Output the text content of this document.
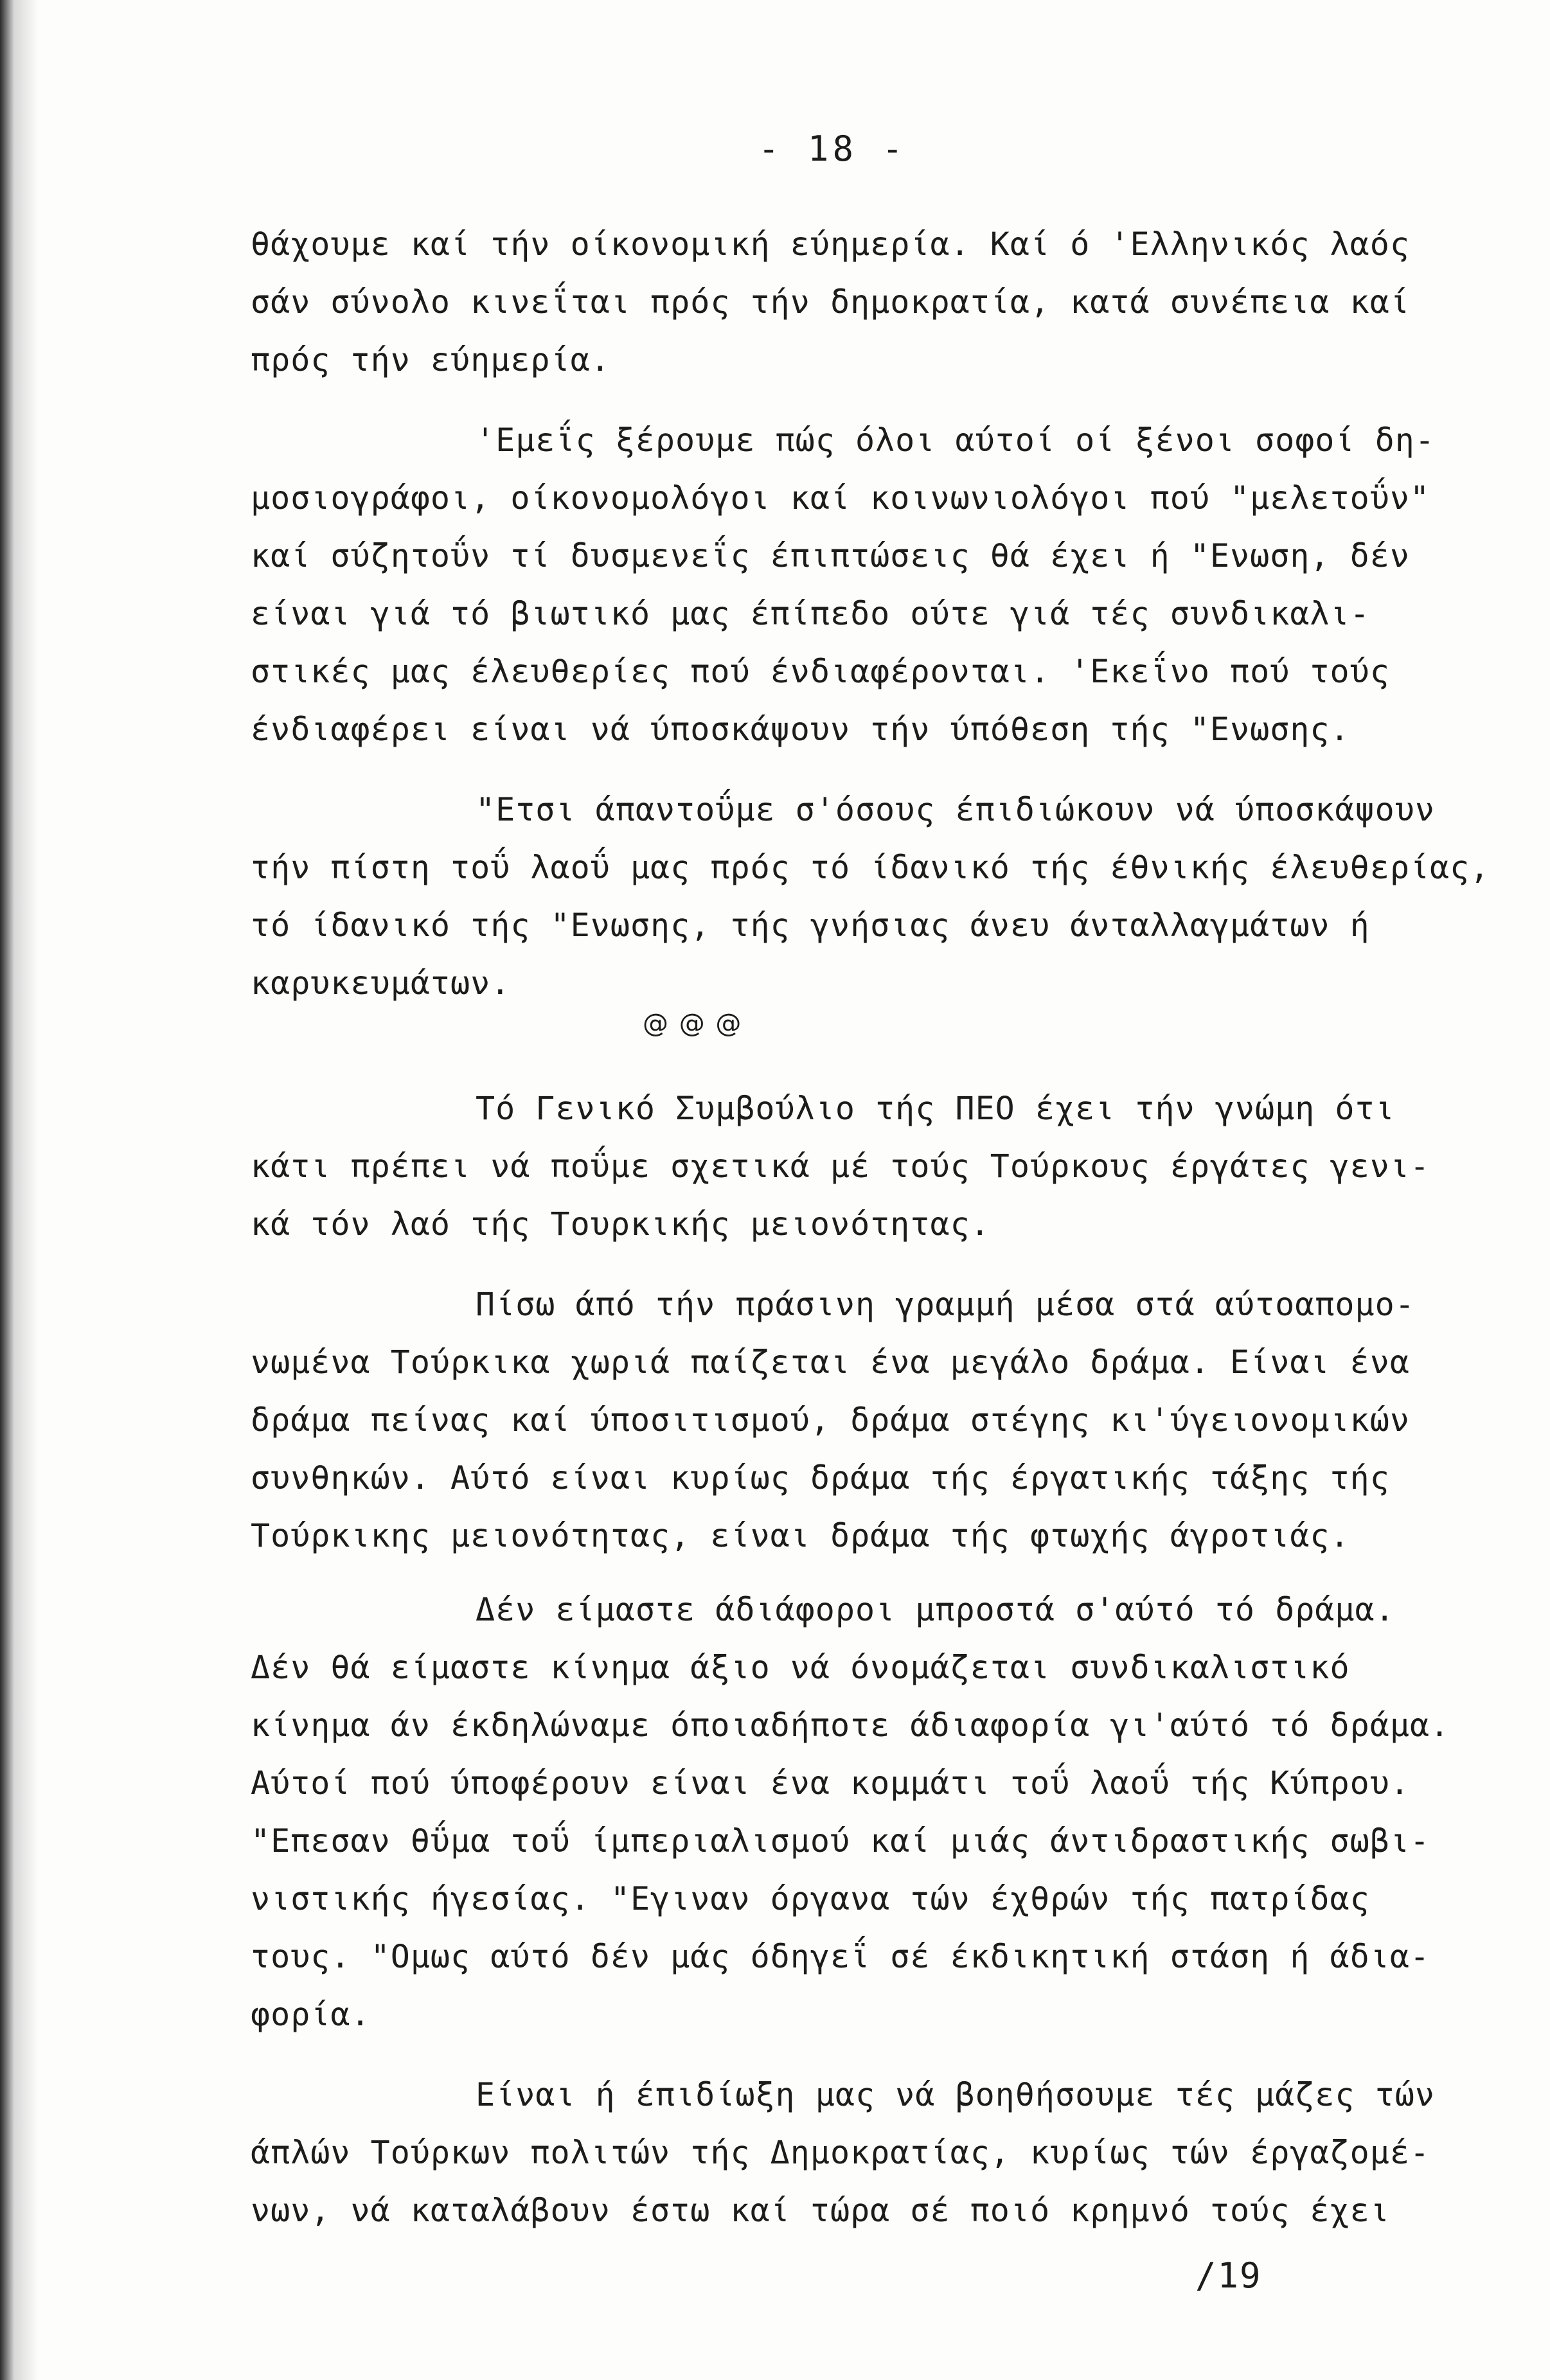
- 18 -
θάχουμε καί τήν οίκονομική εύημερία. Καί ό 'Ελληνικός λαός
σάν σύνολο κινεΐται πρός τήν δημοκρατία, κατά συνέπεια καί
πρός τήν εύημερία.
'Εμεΐς ξέρουμε πώς όλοι αύτοί οί ξένοι σοφοί δη-
μοσιογράφοι, οίκονομολόγοι καί κοινωνιολόγοι πού "μελετοΰν"
καί σύζητοΰν τί δυσμενεΐς έπιπτώσεις θά έχει ή "Ενωση, δέν
είναι γιά τό βιωτικό μας έπίπεδο ούτε γιά τές συνδικαλι-
στικές μας έλευθερίες πού ένδιαφέρονται. 'Εκεΐνο πού τούς
ένδιαφέρει είναι νά ύποσκάψουν τήν ύπόθεση τής "Ενωσης.
"Ετσι άπαντοΰμε σ'όσους έπιδιώκουν νά ύποσκάψουν
τήν πίστη τοΰ λαοΰ μας πρός τό ίδανικό τής έθνικής έλευθερίας,
τό ίδανικό τής "Ενωσης, τής γνήσιας άνευ άνταλλαγμάτων ή
καρυκευμάτων.
@ @ @
Τό Γενικό Συμβούλιο τής ΠΕΟ έχει τήν γνώμη ότι
κάτι πρέπει νά ποΰμε σχετικά μέ τούς Τούρκους έργάτες γενι-
κά τόν λαό τής Τουρκικής μειονότητας.
Πίσω άπό τήν πράσινη γραμμή μέσα στά αύτοαπομο-
νωμένα Τούρκικα χωριά παίζεται ένα μεγάλο δράμα. Είναι ένα
δράμα πείνας καί ύποσιτισμού, δράμα στέγης κι'ύγειονομικών
συνθηκών. Αύτό είναι κυρίως δράμα τής έργατικής τάξης τής
Τούρκικης μειονότητας, είναι δράμα τής φτωχής άγροτιάς.
Δέν είμαστε άδιάφοροι μπροστά σ'αύτό τό δράμα.
Δέν θά είμαστε κίνημα άξιο νά όνομάζεται συνδικαλιστικό
κίνημα άν έκδηλώναμε όποιαδήποτε άδιαφορία γι'αύτό τό δράμα.
Αύτοί πού ύποφέρουν είναι ένα κομμάτι τοΰ λαοΰ τής Κύπρου.
"Επεσαν θΰμα τοΰ ίμπεριαλισμού καί μιάς άντιδραστικής σωβι-
νιστικής ήγεσίας. "Εγιναν όργανα τών έχθρών τής πατρίδας
τους. "Ομως αύτό δέν μάς όδηγεΐ σέ έκδικητική στάση ή άδια-
φορία.
Είναι ή έπιδίωξη μας νά βοηθήσουμε τές μάζες τών
άπλών Τούρκων πολιτών τής Δημοκρατίας, κυρίως τών έργαζομέ-
νων, νά καταλάβουν έστω καί τώρα σέ ποιό κρημνό τούς έχει
/19
